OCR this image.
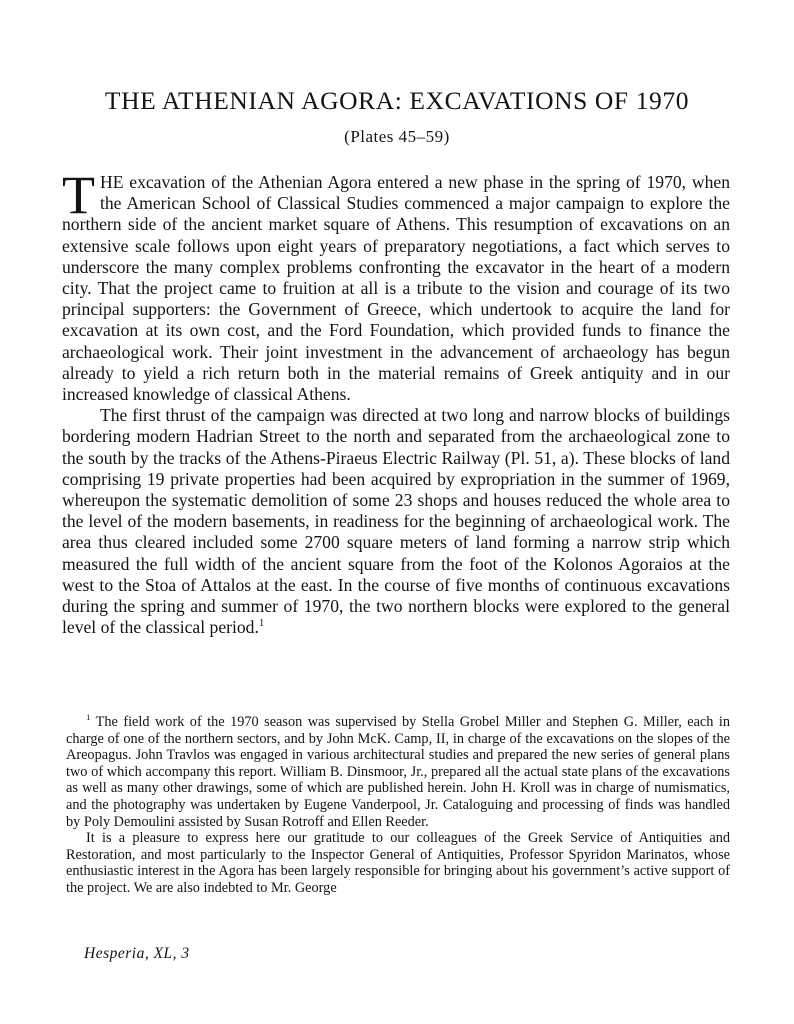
THE ATHENIAN AGORA: EXCAVATIONS OF 1970
(Plates 45–59)

THE excavation of the Athenian Agora entered a new phase in the spring of 1970, when the American School of Classical Studies commenced a major campaign to explore the northern side of the ancient market square of Athens. This resumption of excavations on an extensive scale follows upon eight years of preparatory negotiations, a fact which serves to underscore the many complex problems confronting the excavator in the heart of a modern city. That the project came to fruition at all is a tribute to the vision and courage of its two principal supporters: the Government of Greece, which undertook to acquire the land for excavation at its own cost, and the Ford Foundation, which provided funds to finance the archaeological work. Their joint investment in the advancement of archaeology has begun already to yield a rich return both in the material remains of Greek antiquity and in our increased knowledge of classical Athens.

The first thrust of the campaign was directed at two long and narrow blocks of buildings bordering modern Hadrian Street to the north and separated from the archaeological zone to the south by the tracks of the Athens-Piraeus Electric Railway (Pl. 51, a). These blocks of land comprising 19 private properties had been acquired by expropriation in the summer of 1969, whereupon the systematic demolition of some 23 shops and houses reduced the whole area to the level of the modern basements, in readiness for the beginning of archaeological work. The area thus cleared included some 2700 square meters of land forming a narrow strip which measured the full width of the ancient square from the foot of the Kolonos Agoraios at the west to the Stoa of Attalos at the east. In the course of five months of continuous excavations during the spring and summer of 1970, the two northern blocks were explored to the general level of the classical period.$^1$

$^1$ The field work of the 1970 season was supervised by Stella Grobel Miller and Stephen G. Miller, each in charge of one of the northern sectors, and by John McK. Camp, II, in charge of the excavations on the slopes of the Areopagus. John Travlos was engaged in various architectural studies and prepared the new series of general plans two of which accompany this report. William B. Dinsmoor, Jr., prepared all the actual state plans of the excavations as well as many other drawings, some of which are published herein. John H. Kroll was in charge of numismatics, and the photography was undertaken by Eugene Vanderpool, Jr. Cataloguing and processing of finds was handled by Poly Demoulini assisted by Susan Rotroff and Ellen Reeder.

It is a pleasure to express here our gratitude to our colleagues of the Greek Service of Antiquities and Restoration, and most particularly to the Inspector General of Antiquities, Professor Spyridon Marinatos, whose enthusiastic interest in the Agora has been largely responsible for bringing about his government’s active support of the project. We are also indebted to Mr. George

Hesperia, XL, 3
